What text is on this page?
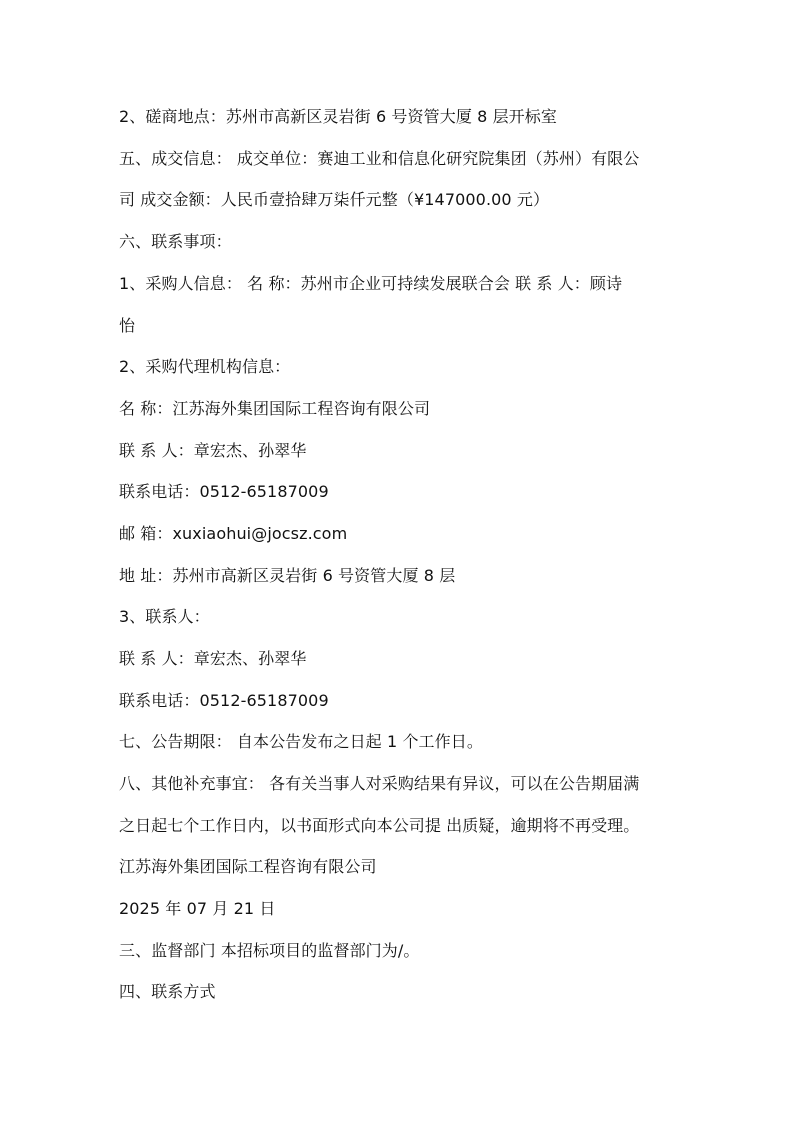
2、磋商地点：苏州市高新区灵岩街 6 号资管大厦 8 层开标室
五、成交信息： 成交单位：赛迪工业和信息化研究院集团（苏州）有限公
司 成交金额：人民币壹拾肆万柒仟元整（¥147000.00 元）
六、联系事项：
1、采购人信息： 名 称：苏州市企业可持续发展联合会 联 系 人：顾诗
怡
2、采购代理机构信息：
名 称：江苏海外集团国际工程咨询有限公司
联 系 人：章宏杰、孙翠华
联系电话：0512-65187009
邮 箱：xuxiaohui@jocsz.com
地 址：苏州市高新区灵岩街 6 号资管大厦 8 层
3、联系人：
联 系 人：章宏杰、孙翠华
联系电话：0512-65187009
七、公告期限： 自本公告发布之日起 1 个工作日。
八、其他补充事宜： 各有关当事人对采购结果有异议，可以在公告期届满
之日起七个工作日内，以书面形式向本公司提 出质疑，逾期将不再受理。
江苏海外集团国际工程咨询有限公司
2025 年 07 月 21 日
三、监督部门 本招标项目的监督部门为/。
四、联系方式
